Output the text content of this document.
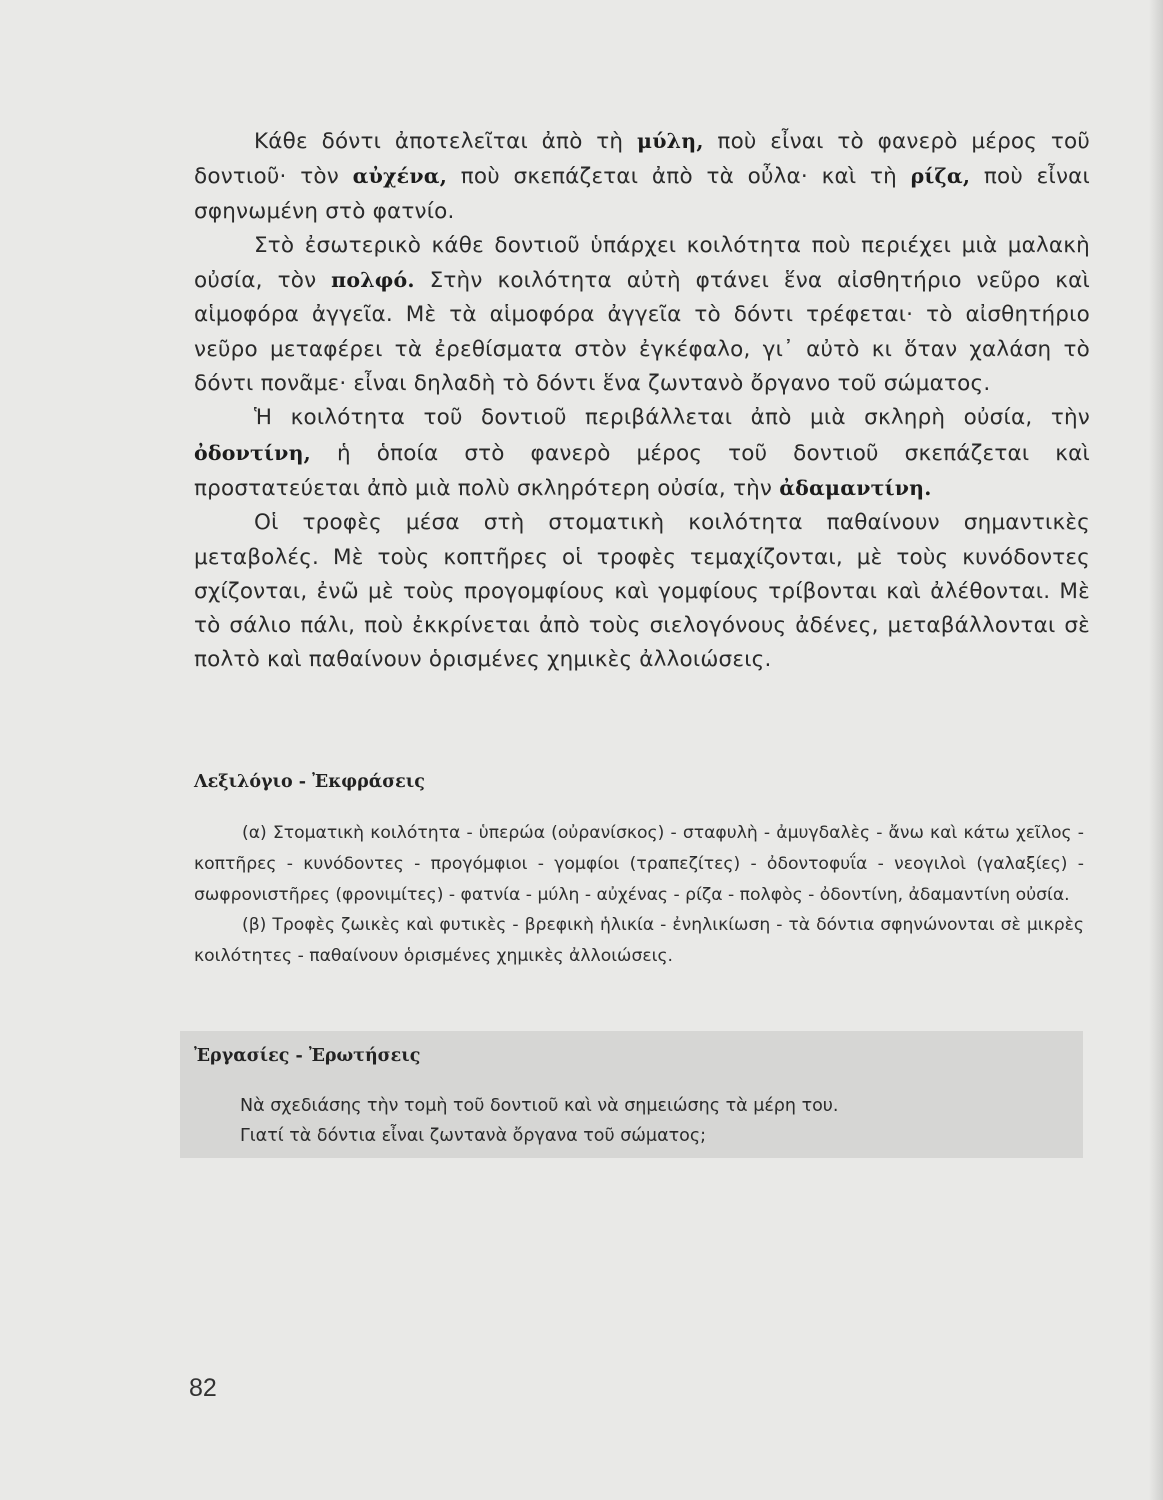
Κάθε δόντι ἀποτελεῖται ἀπὸ τὴ μύλη, ποὺ εἶναι τὸ φανερὸ μέρος τοῦ δοντιοῦ· τὸν αὐχένα, ποὺ σκεπάζεται ἀπὸ τὰ οὖλα· καὶ τὴ ρίζα, ποὺ εἶναι σφηνωμένη στὸ φατνίο.

Στὸ ἐσωτερικὸ κάθε δοντιοῦ ὑπάρχει κοιλότητα ποὺ περιέχει μιὰ μαλακὴ οὐσία, τὸν πολφό. Στὴν κοιλότητα αὐτὴ φτάνει ἕνα αἰσθητήριο νεῦρο καὶ αἱμοφόρα ἀγγεῖα. Μὲ τὰ αἱμοφόρα ἀγγεῖα τὸ δόντι τρέφεται· τὸ αἰσθητήριο νεῦρο μεταφέρει τὰ ἐρεθίσματα στὸν ἐγκέφαλο, γι᾿ αὐτὸ κι ὅταν χαλάση τὸ δόντι πονᾶμε· εἶναι δηλαδὴ τὸ δόντι ἕνα ζωντανὸ ὄργανο τοῦ σώματος.

Ἡ κοιλότητα τοῦ δοντιοῦ περιβάλλεται ἀπὸ μιὰ σκληρὴ οὐσία, τὴν ὀδοντίνη, ἡ ὁποία στὸ φανερὸ μέρος τοῦ δοντιοῦ σκεπάζεται καὶ προστατεύεται ἀπὸ μιὰ πολὺ σκληρότερη οὐσία, τὴν ἀδαμαντίνη.

Οἱ τροφὲς μέσα στὴ στοματικὴ κοιλότητα παθαίνουν σημαντικὲς μεταβολές. Μὲ τοὺς κοπτῆρες οἱ τροφὲς τεμαχίζονται, μὲ τοὺς κυνόδοντες σχίζονται, ἐνῶ μὲ τοὺς προγομφίους καὶ γομφίους τρίβονται καὶ ἀλέθονται. Μὲ τὸ σάλιο πάλι, ποὺ ἐκκρίνεται ἀπὸ τοὺς σιελογόνους ἀδένες, μεταβάλλονται σὲ πολτὸ καὶ παθαίνουν ὁρισμένες χημικὲς ἀλλοιώσεις.

Λεξιλόγιο - Ἐκφράσεις

(α) Στοματικὴ κοιλότητα - ὑπερώα (οὐρανίσκος) - σταφυλὴ - ἀμυγδαλὲς - ἄνω καὶ κάτω χεῖλος - κοπτῆρες - κυνόδοντες - προγόμφιοι - γομφίοι (τραπεζίτες) - ὀδοντοφυΐα - νεογιλοὶ (γαλαξίες) - σωφρονιστῆρες (φρονιμίτες) - φατνία - μύλη - αὐχένας - ρίζα - πολφὸς - ὀδοντίνη, ἀδαμαντίνη οὐσία.

(β) Τροφὲς ζωικὲς καὶ φυτικὲς - βρεφικὴ ἡλικία - ἐνηλικίωση - τὰ δόντια σφηνώνονται σὲ μικρὲς κοιλότητες - παθαίνουν ὁρισμένες χημικὲς ἀλλοιώσεις.

Ἐργασίες - Ἐρωτήσεις
Νὰ σχεδιάσης τὴν τομὴ τοῦ δοντιοῦ καὶ νὰ σημειώσης τὰ μέρη του.
Γιατί τὰ δόντια εἶναι ζωντανὰ ὄργανα τοῦ σώματος;
82
